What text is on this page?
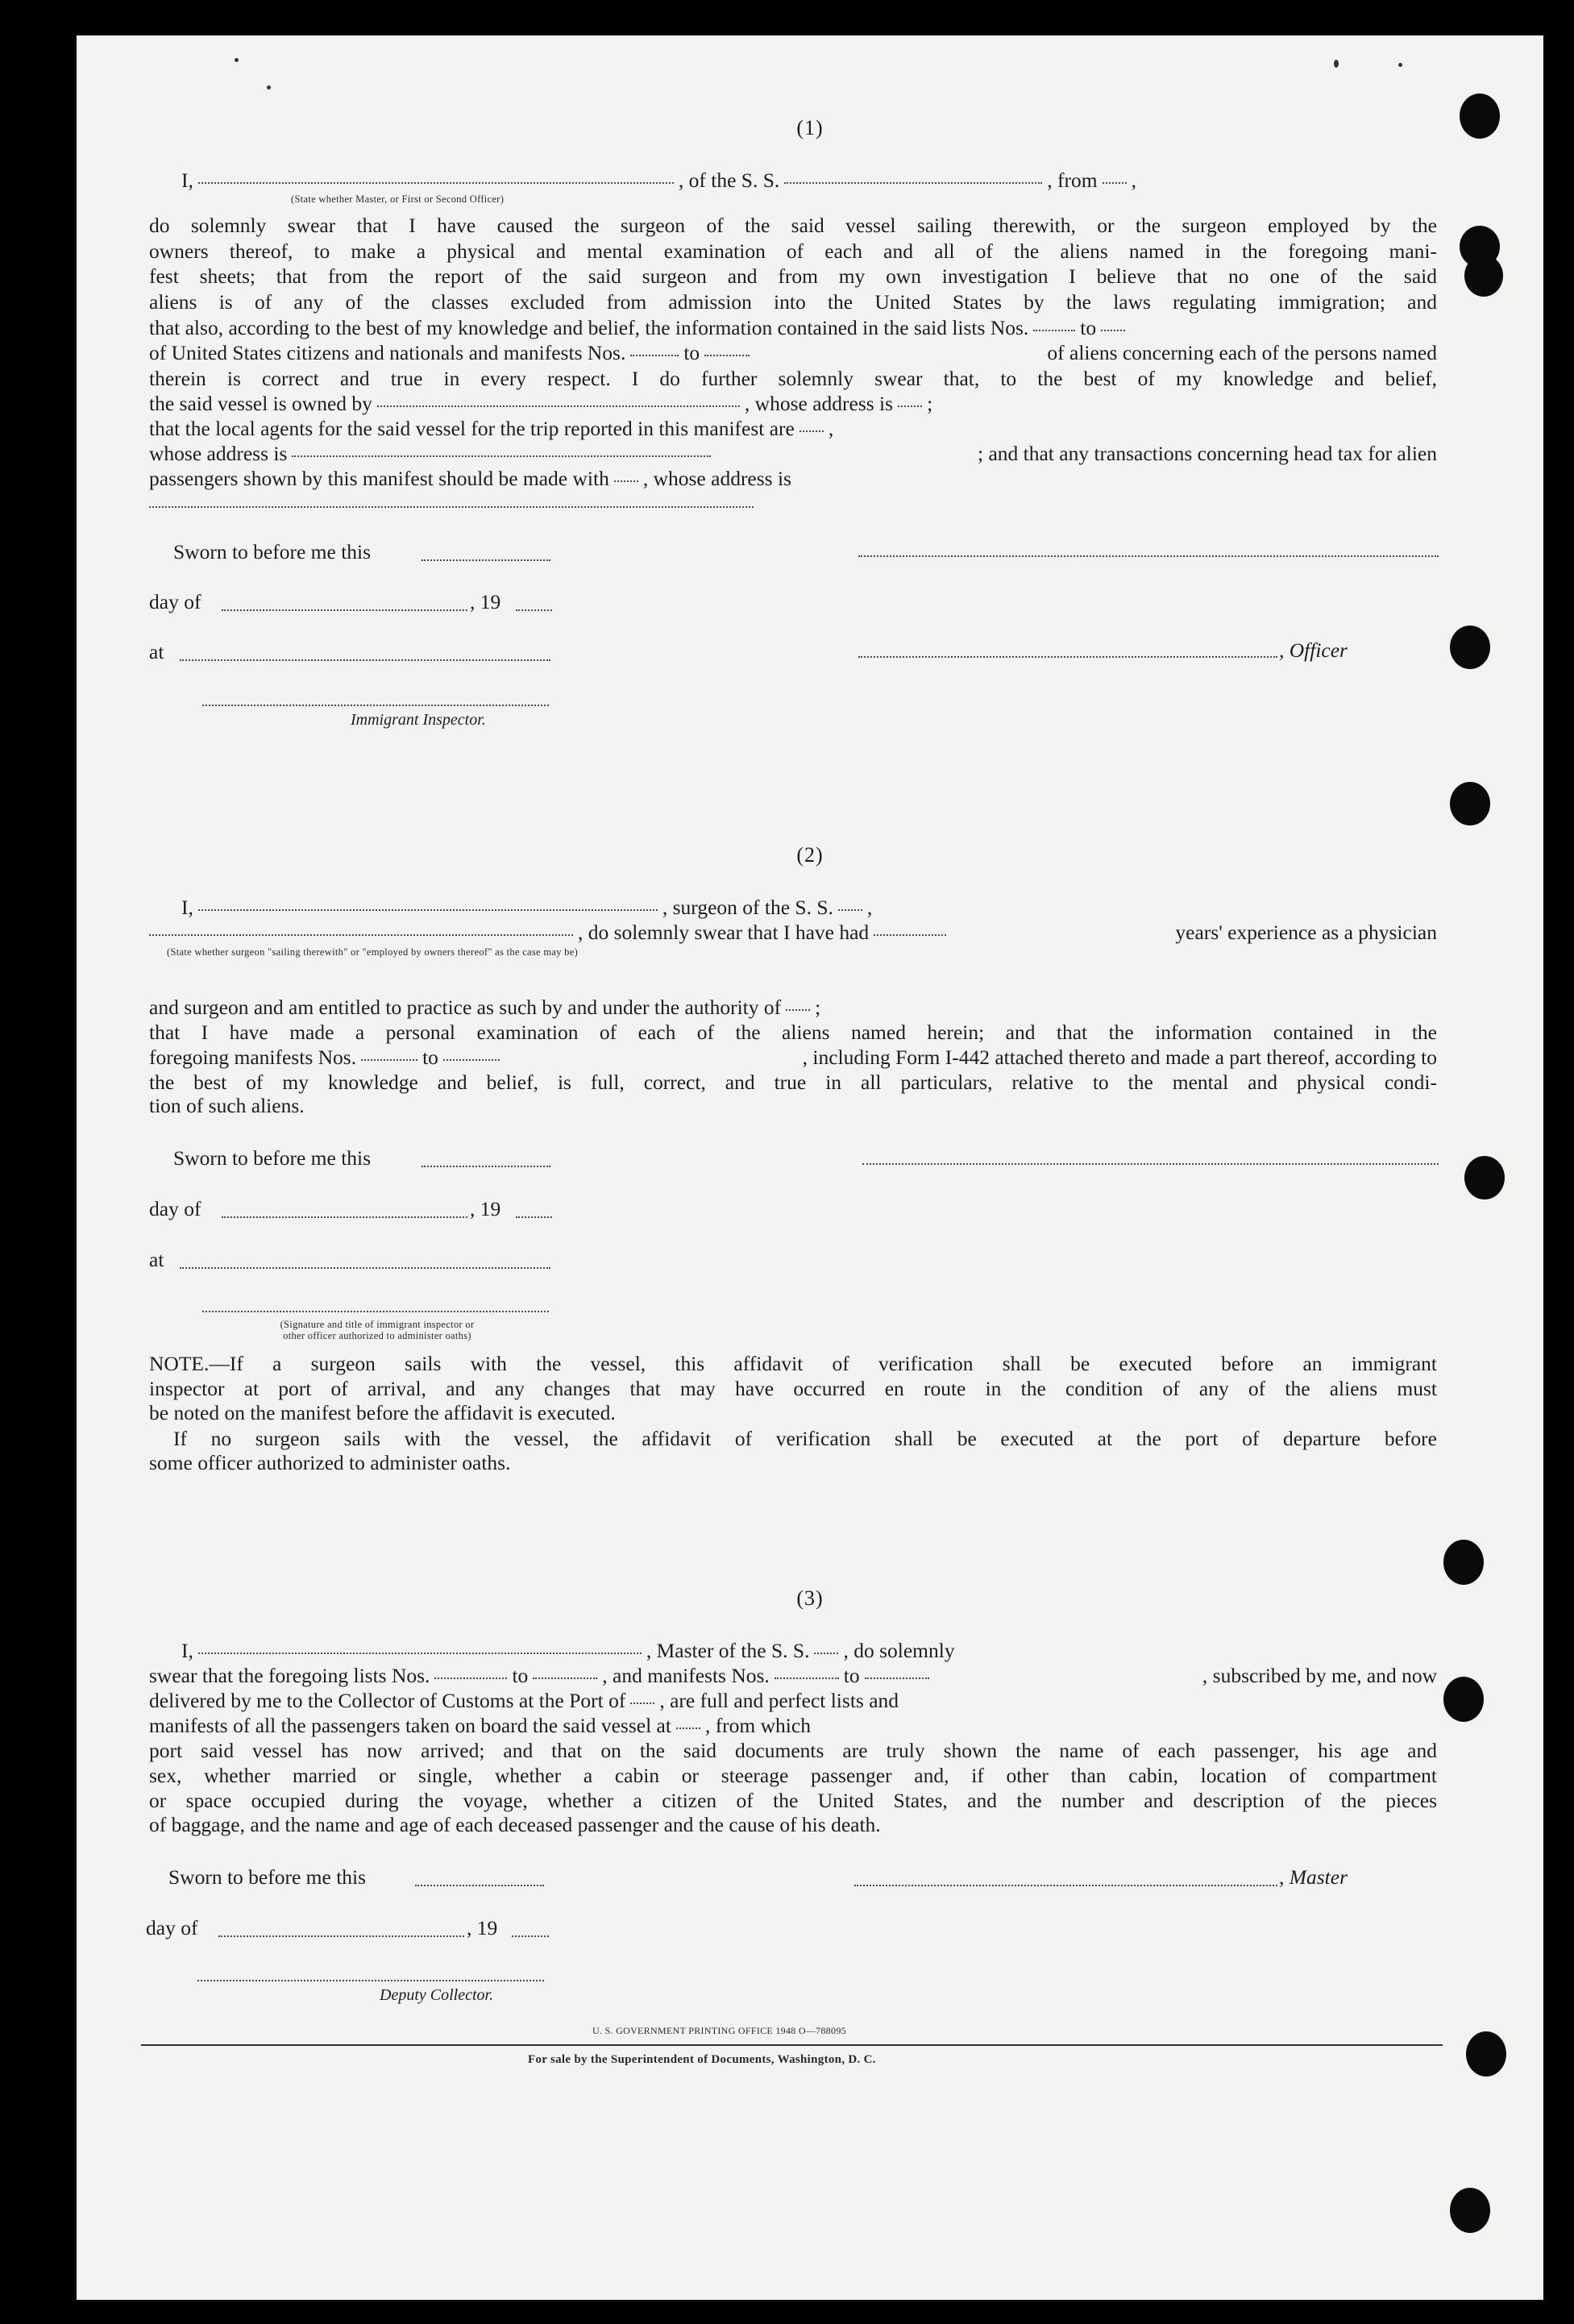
(1)
I,	, of the S. S.	, from ,
(State whether Master, or First or Second Officer)
do solemnly swear that I have caused the surgeon of the said vessel sailing therewith, or the surgeon employed by the
owners thereof, to make a physical and mental examination of each and all of the aliens named in the foregoing mani-
fest sheets; that from the report of the said surgeon and from my own investigation I believe that no one of the said
aliens is of any of the classes excluded from admission into the United States by the laws regulating immigration; and
that also, according to the best of my knowledge and belief, the information contained in the said lists Nos.	to
of United States citizens and nationals and manifests Nos.	to	of aliens concerning each of the persons named
therein is correct and true in every respect. I do further solemnly swear that, to the best of my knowledge and belief,
the said vessel is owned by	, whose address is ;
that the local agents for the said vessel for the trip reported in this manifest are ,
whose address is	; and that any transactions concerning head tax for alien
passengers shown by this manifest should be made with , whose address is
Sworn to before me this
day of	, 19
, Officer
at
Immigrant Inspector.
(2)
I,	, surgeon of the S. S. ,
, do solemnly swear that I have had	years' experience as a physician
(State whether surgeon "sailing therewith" or "employed by owners thereof" as the case may be)
and surgeon and am entitled to practice as such by and under the authority of ;
that I have made a personal examination of each of the aliens named herein; and that the information contained in the
foregoing manifests Nos.	to	, including Form I-442 attached thereto and made a part thereof, according to
the best of my knowledge and belief, is full, correct, and true in all particulars, relative to the mental and physical condi-
tion of such aliens.
Sworn to before me this
day of	, 19
at
(Signature and title of immigrant inspector or
other officer authorized to administer oaths)
NOTE.—If a surgeon sails with the vessel, this affidavit of verification shall be executed before an immigrant
inspector at port of arrival, and any changes that may have occurred en route in the condition of any of the aliens must
be noted on the manifest before the affidavit is executed.
If no surgeon sails with the vessel, the affidavit of verification shall be executed at the port of departure before
some officer authorized to administer oaths.
(3)
I,	, Master of the S. S. , do solemnly
swear that the foregoing lists Nos.	to	, and manifests Nos.	to	, subscribed by me, and now
delivered by me to the Collector of Customs at the Port of , are full and perfect lists and
manifests of all the passengers taken on board the said vessel at , from which
port said vessel has now arrived; and that on the said documents are truly shown the name of each passenger, his age and
sex, whether married or single, whether a cabin or steerage passenger and, if other than cabin, location of compartment
or space occupied during the voyage, whether a citizen of the United States, and the number and description of the pieces
of baggage, and the name and age of each deceased passenger and the cause of his death.
Sworn to before me this	, Master
day of	, 19
Deputy Collector.
U. S. GOVERNMENT PRINTING OFFICE 1948 O—788095
For sale by the Superintendent of Documents, Washington, D. C.
